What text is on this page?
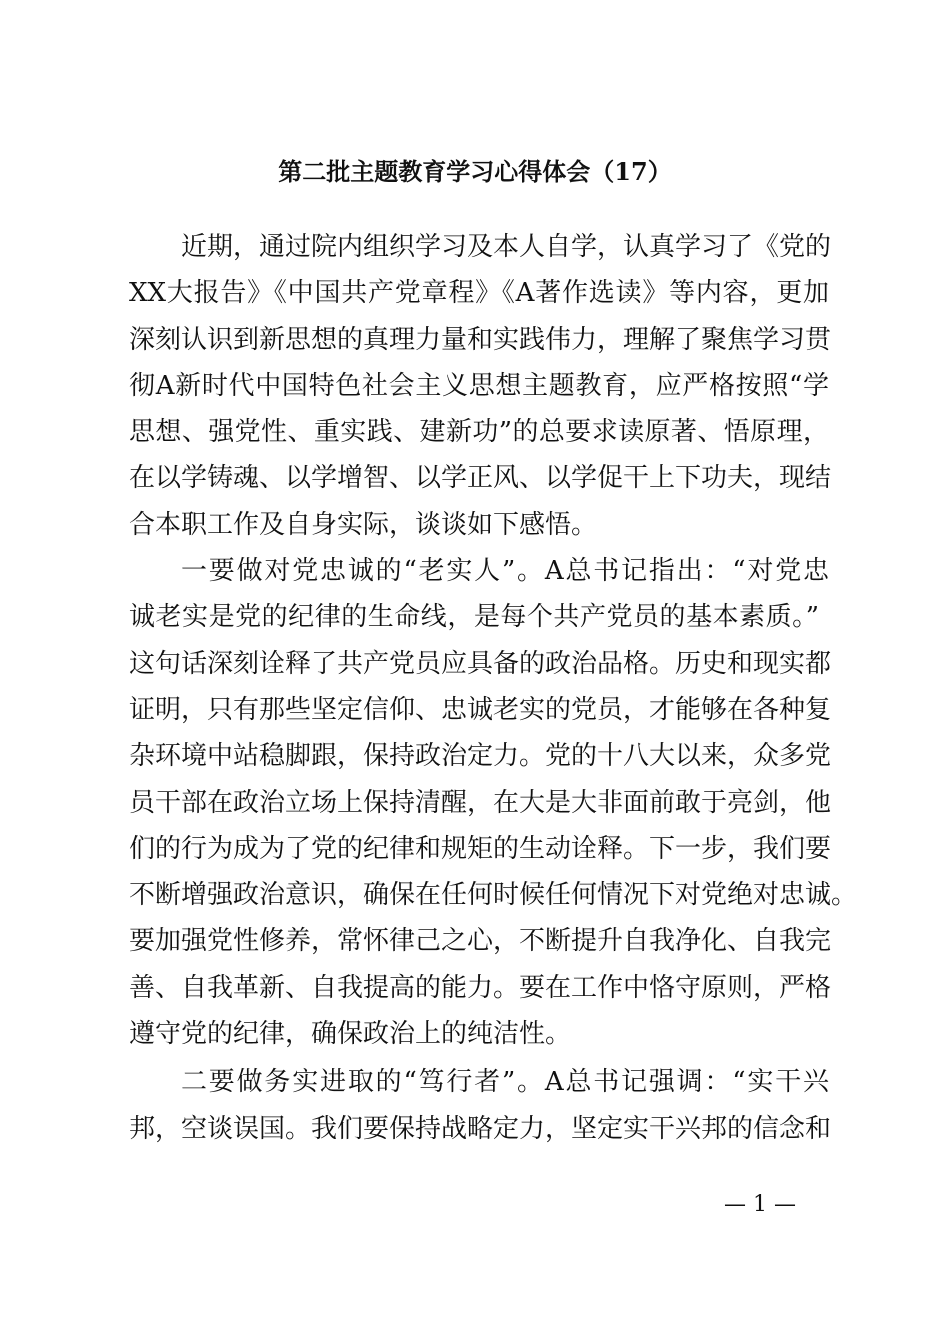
第二批主题教育学习心得体会（17）
近期，通过院内组织学习及本人自学，认真学习了《党的
XX大报告》《中国共产党章程》《A著作选读》等内容，更加
深刻认识到新思想的真理力量和实践伟力，理解了聚焦学习贯
彻A新时代中国特色社会主义思想主题教育，应严格按照“学
思想、强党性、重实践、建新功”的总要求读原著、悟原理，
在以学铸魂、以学增智、以学正风、以学促干上下功夫，现结
合本职工作及自身实际，谈谈如下感悟。
一要做对党忠诚的“老实人”。A总书记指出：“对党忠
诚老实是党的纪律的生命线，是每个共产党员的基本素质。”
这句话深刻诠释了共产党员应具备的政治品格。历史和现实都
证明，只有那些坚定信仰、忠诚老实的党员，才能够在各种复
杂环境中站稳脚跟，保持政治定力。党的十八大以来，众多党
员干部在政治立场上保持清醒，在大是大非面前敢于亮剑，他
们的行为成为了党的纪律和规矩的生动诠释。下一步，我们要
不断增强政治意识，确保在任何时候任何情况下对党绝对忠诚。
要加强党性修养，常怀律己之心，不断提升自我净化、自我完
善、自我革新、自我提高的能力。要在工作中恪守原则，严格
遵守党的纪律，确保政治上的纯洁性。
二要做务实进取的“笃行者”。A总书记强调：“实干兴
邦，空谈误国。我们要保持战略定力，坚定实干兴邦的信念和
— 1 —
